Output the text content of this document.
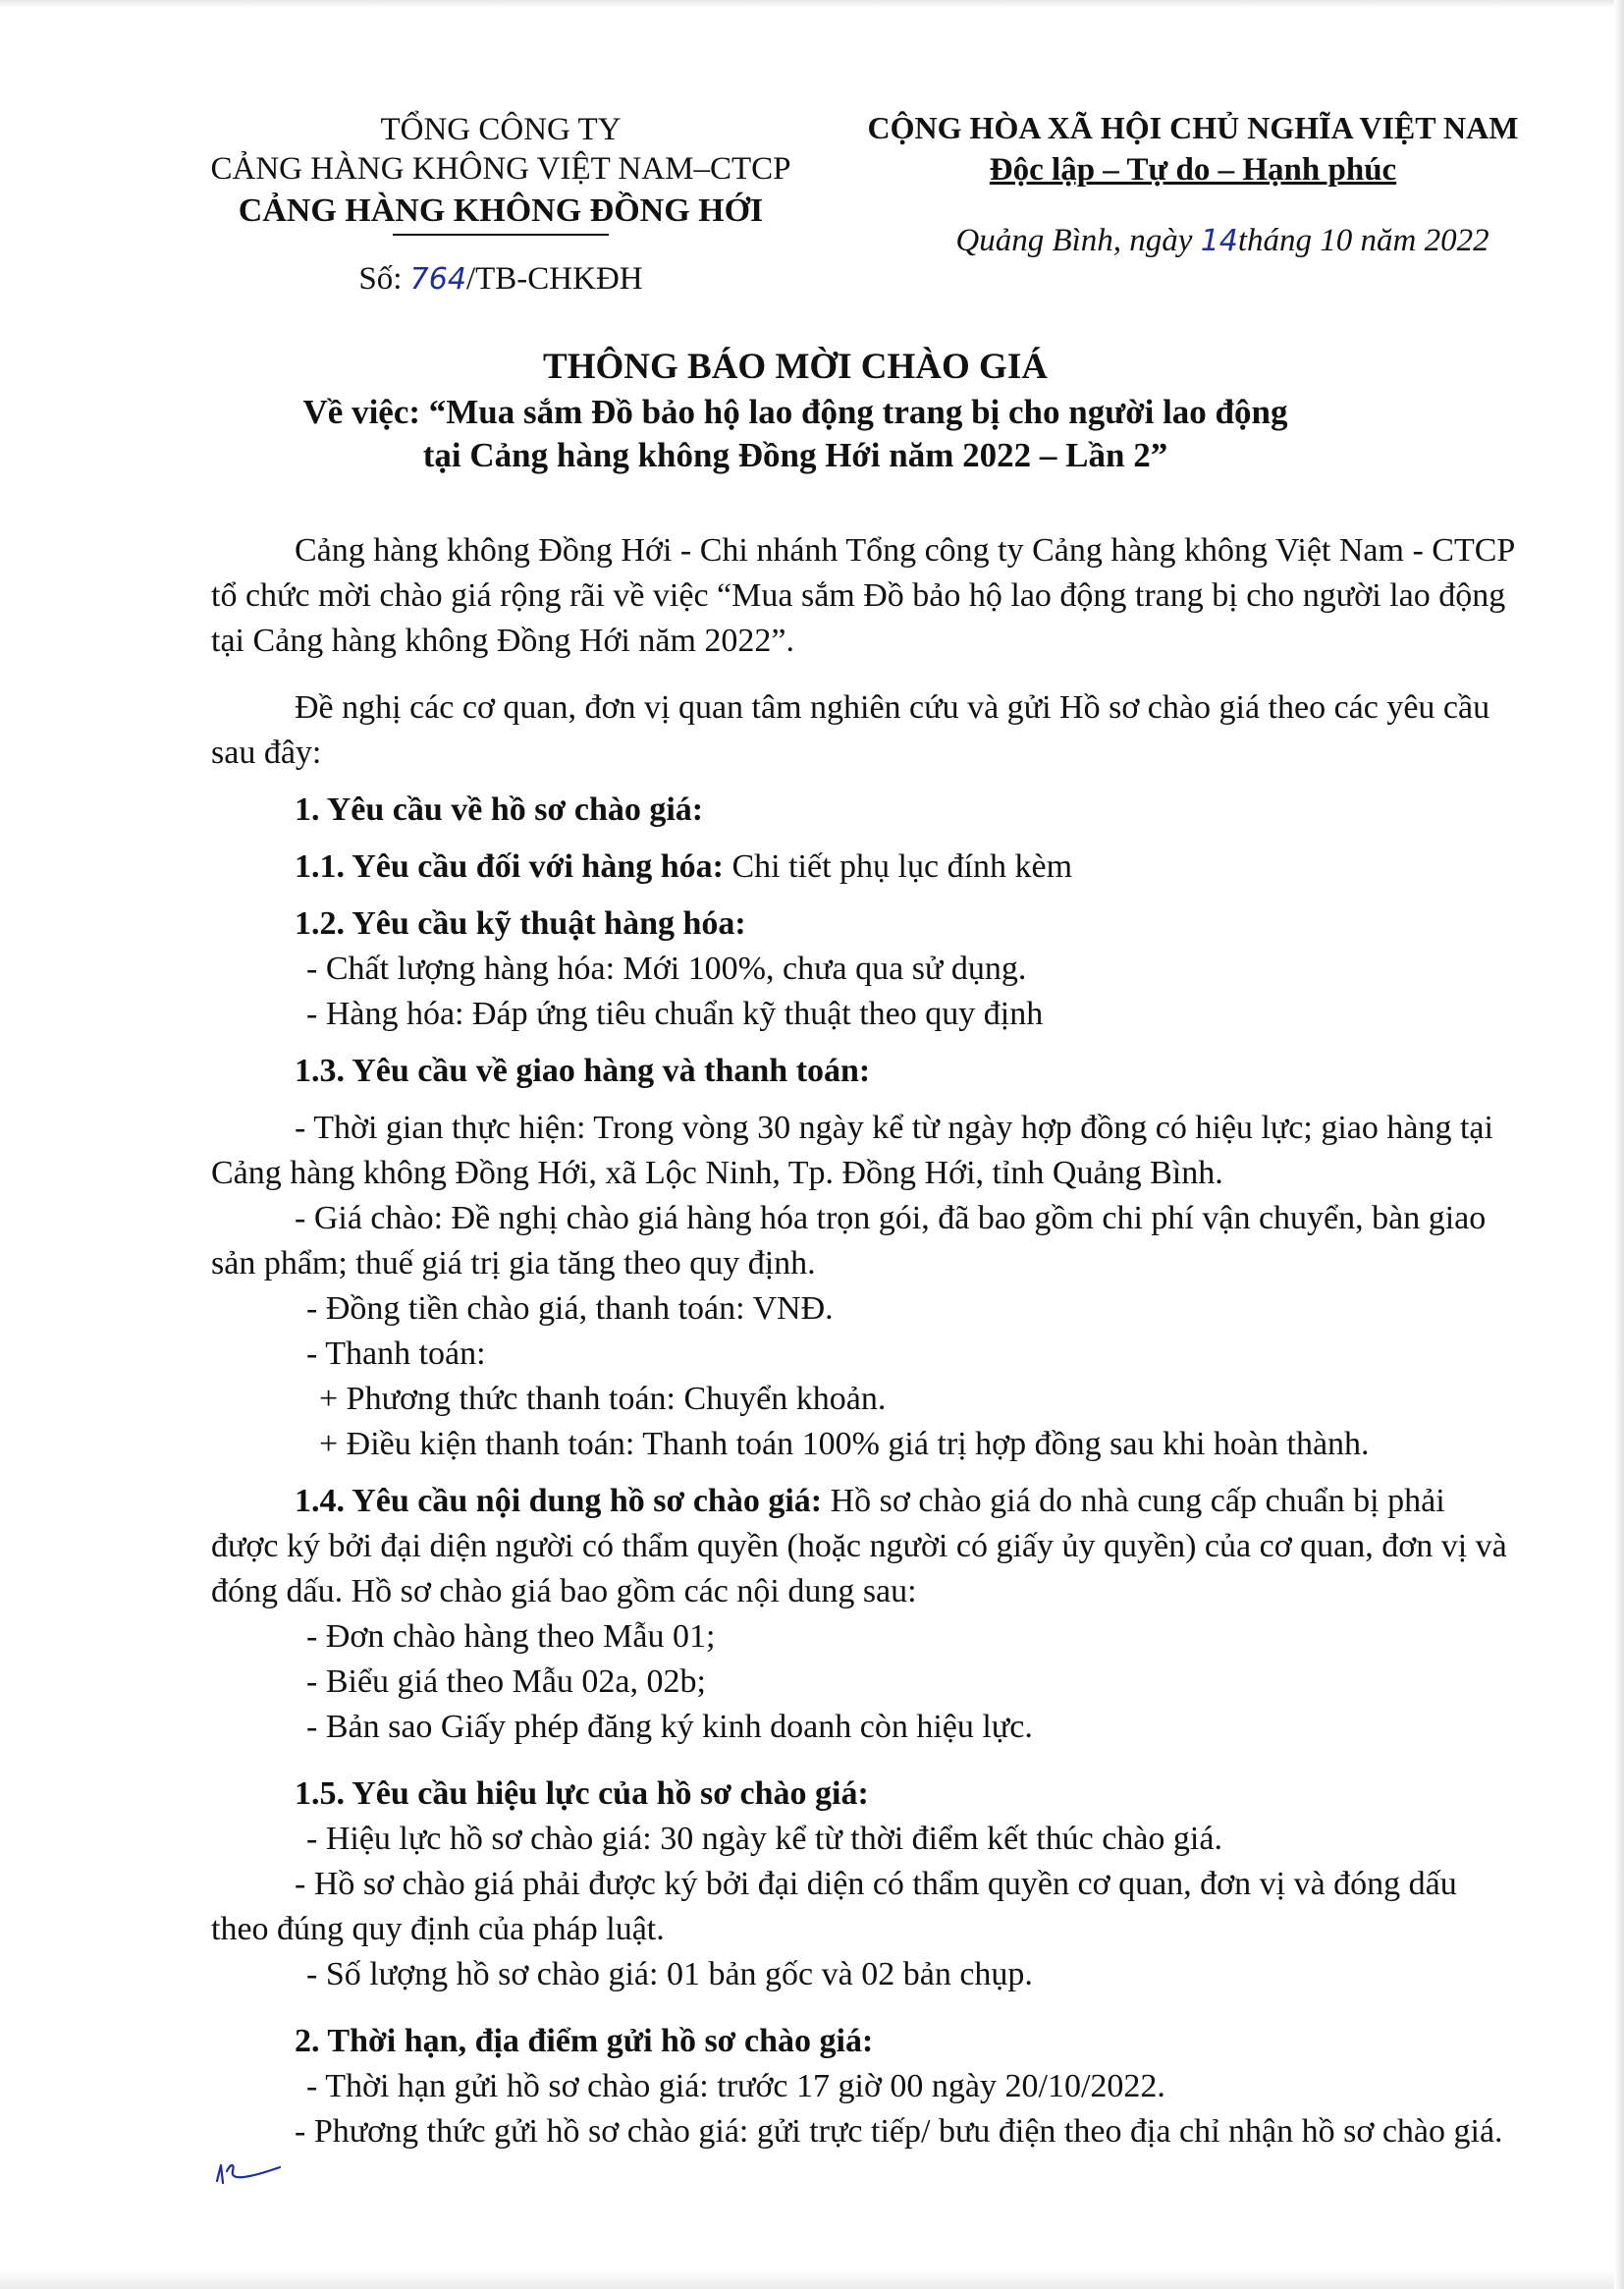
TỔNG CÔNG TY
CẢNG HÀNG KHÔNG VIỆT NAM–CTCP
CẢNG HÀNG KHÔNG ĐỒNG HỚI
Số: 764/TB-CHKĐH
CỘNG HÒA XÃ HỘI CHỦ NGHĨA VIỆT NAM
Độc lập – Tự do – Hạnh phúc
Quảng Bình, ngày 14tháng 10 năm 2022
THÔNG BÁO MỜI CHÀO GIÁ
Về việc: “Mua sắm Đồ bảo hộ lao động trang bị cho người lao động
tại Cảng hàng không Đồng Hới năm 2022 – Lần 2”

Cảng hàng không Đồng Hới - Chi nhánh Tổng công ty Cảng hàng không Việt Nam - CTCP tổ chức mời chào giá rộng rãi về việc “Mua sắm Đồ bảo hộ lao động trang bị cho người lao động tại Cảng hàng không Đồng Hới năm 2022”.

Đề nghị các cơ quan, đơn vị quan tâm nghiên cứu và gửi Hồ sơ chào giá theo các yêu cầu sau đây:

1. Yêu cầu về hồ sơ chào giá:

1.1. Yêu cầu đối với hàng hóa: Chi tiết phụ lục đính kèm

1.2. Yêu cầu kỹ thuật hàng hóa:

- Chất lượng hàng hóa: Mới 100%, chưa qua sử dụng.

- Hàng hóa: Đáp ứng tiêu chuẩn kỹ thuật theo quy định

1.3. Yêu cầu về giao hàng và thanh toán:

- Thời gian thực hiện: Trong vòng 30 ngày kể từ ngày hợp đồng có hiệu lực; giao hàng tại Cảng hàng không Đồng Hới, xã Lộc Ninh, Tp. Đồng Hới, tỉnh Quảng Bình.

- Giá chào: Đề nghị chào giá hàng hóa trọn gói, đã bao gồm chi phí vận chuyển, bàn giao sản phẩm; thuế giá trị gia tăng theo quy định.

- Đồng tiền chào giá, thanh toán: VNĐ.

- Thanh toán:

+ Phương thức thanh toán: Chuyển khoản.

+ Điều kiện thanh toán: Thanh toán 100% giá trị hợp đồng sau khi hoàn thành.

1.4. Yêu cầu nội dung hồ sơ chào giá: Hồ sơ chào giá do nhà cung cấp chuẩn bị phải được ký bởi đại diện người có thẩm quyền (hoặc người có giấy ủy quyền) của cơ quan, đơn vị và đóng dấu. Hồ sơ chào giá bao gồm các nội dung sau:

- Đơn chào hàng theo Mẫu 01;

- Biểu giá theo Mẫu 02a, 02b;

- Bản sao Giấy phép đăng ký kinh doanh còn hiệu lực.

1.5. Yêu cầu hiệu lực của hồ sơ chào giá:

- Hiệu lực hồ sơ chào giá: 30 ngày kể từ thời điểm kết thúc chào giá.

- Hồ sơ chào giá phải được ký bởi đại diện có thẩm quyền cơ quan, đơn vị và đóng dấu theo đúng quy định của pháp luật.

- Số lượng hồ sơ chào giá: 01 bản gốc và 02 bản chụp.

2. Thời hạn, địa điểm gửi hồ sơ chào giá:

- Thời hạn gửi hồ sơ chào giá: trước 17 giờ 00 ngày 20/10/2022.

- Phương thức gửi hồ sơ chào giá: gửi trực tiếp/ bưu điện theo địa chỉ nhận hồ sơ chào giá.
